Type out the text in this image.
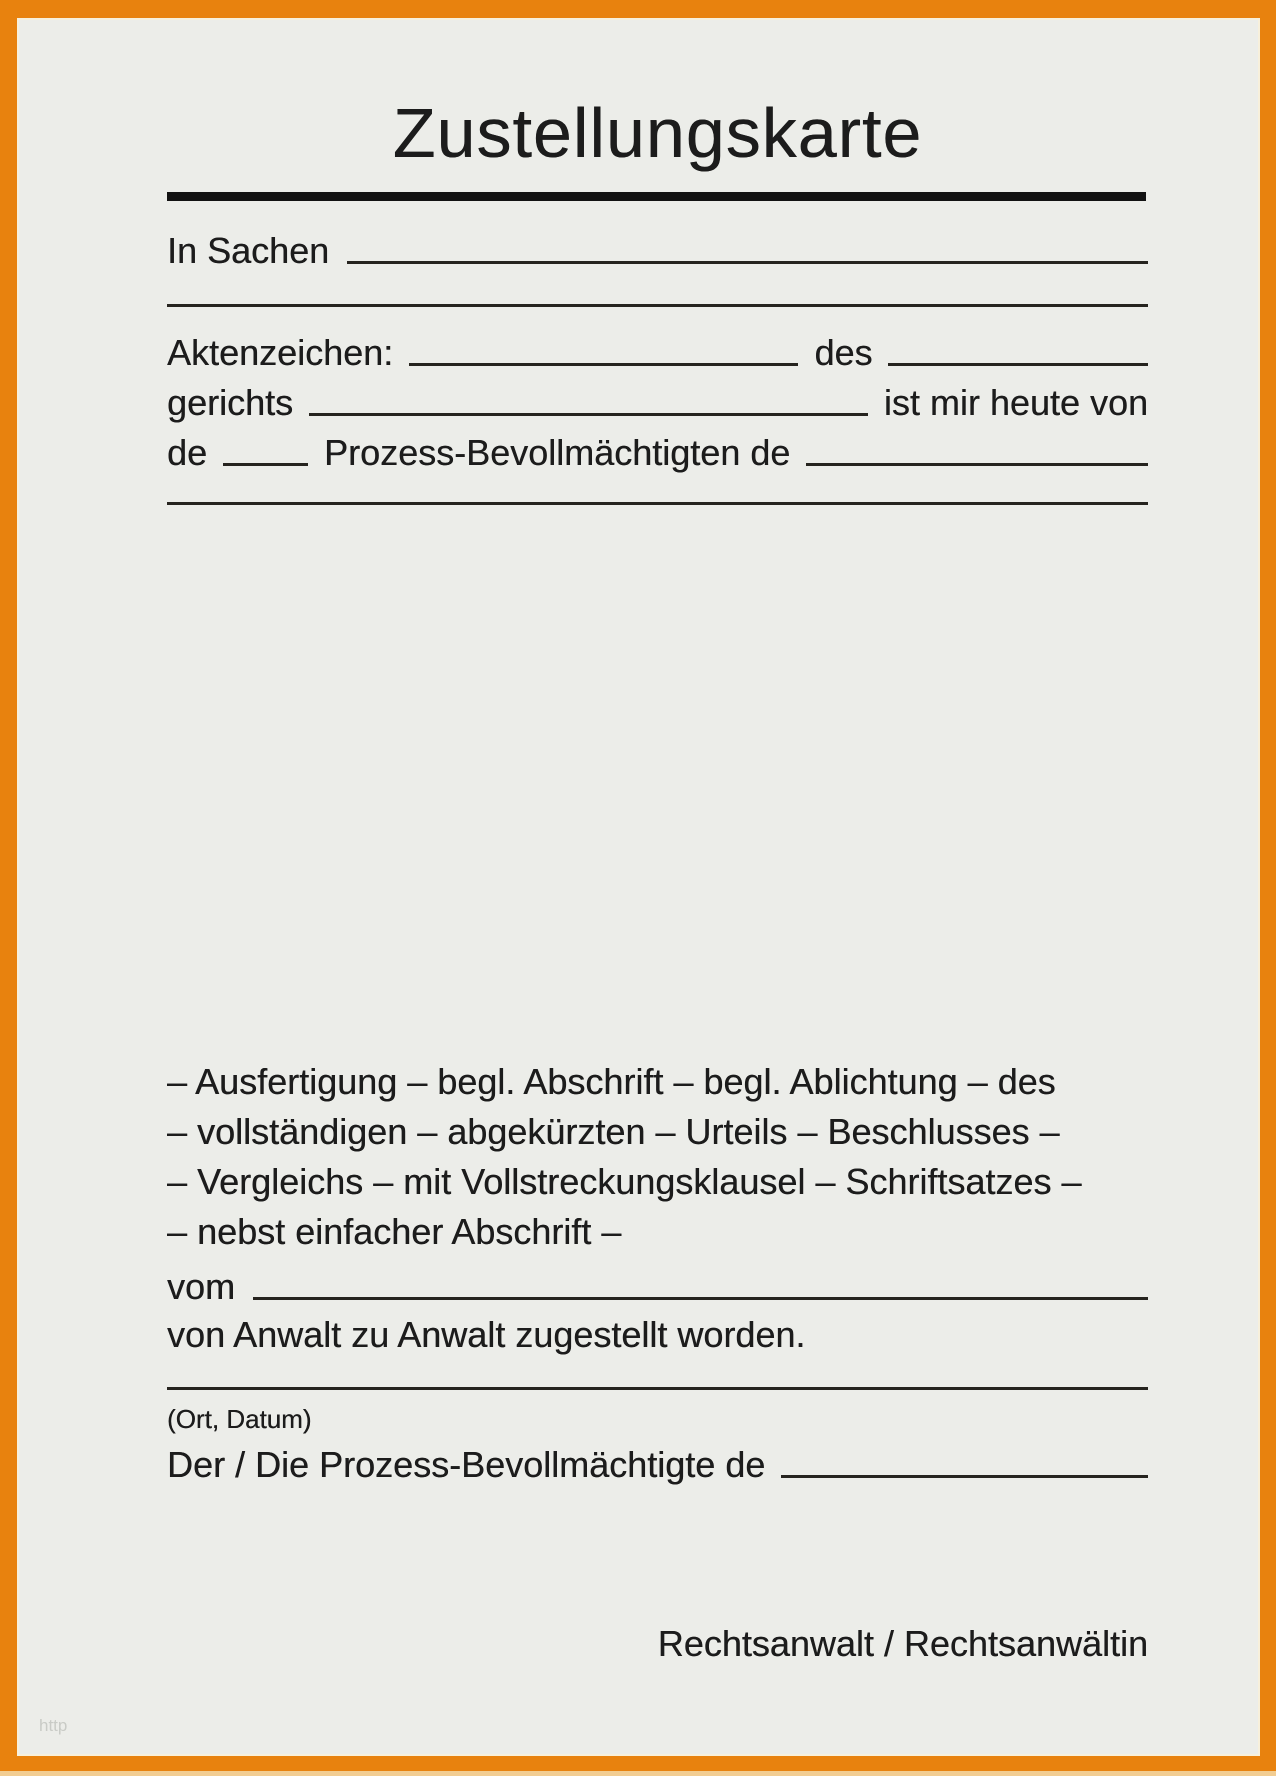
Zustellungskarte
In Sachen
Aktenzeichen:	des
gerichts	ist mir heute von
de	Prozess-Bevollmächtigten de
– Ausfertigung – begl. Abschrift – begl. Ablichtung – des
– vollständigen – abgekürzten – Urteils – Beschlusses –
– Vergleichs – mit Vollstreckungsklausel – Schriftsatzes –
– nebst einfacher Abschrift –
vom
von Anwalt zu Anwalt zugestellt worden.
(Ort, Datum)
Der / Die Prozess-Bevollmächtigte de
Rechtsanwalt / Rechtsanwältin
http
